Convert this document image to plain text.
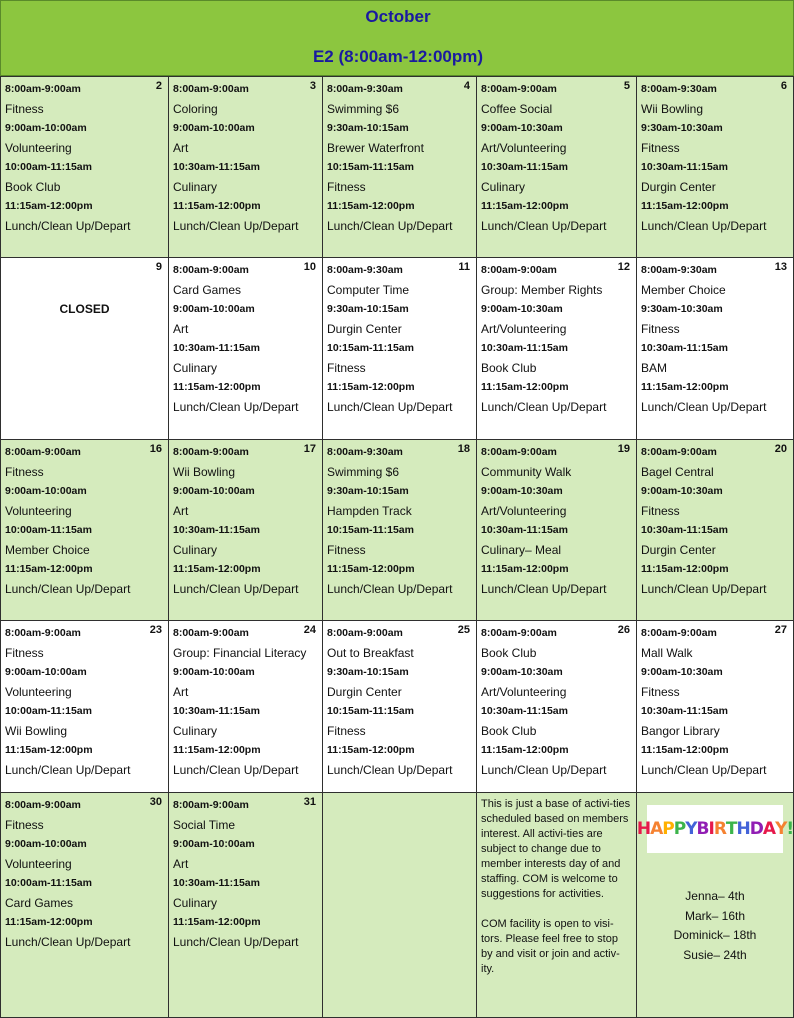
October
E2 (8:00am-12:00pm)
2
8:00am-9:00am
Fitness
9:00am-10:00am
Volunteering
10:00am-11:15am
Book Club
11:15am-12:00pm
Lunch/Clean Up/Depart
3
8:00am-9:00am
Coloring
9:00am-10:00am
Art
10:30am-11:15am
Culinary
11:15am-12:00pm
Lunch/Clean Up/Depart
4
8:00am-9:30am
Swimming $6
9:30am-10:15am
Brewer Waterfront
10:15am-11:15am
Fitness
11:15am-12:00pm
Lunch/Clean Up/Depart
5
8:00am-9:00am
Coffee Social
9:00am-10:30am
Art/Volunteering
10:30am-11:15am
Culinary
11:15am-12:00pm
Lunch/Clean Up/Depart
6
8:00am-9:30am
Wii Bowling
9:30am-10:30am
Fitness
10:30am-11:15am
Durgin Center
11:15am-12:00pm
Lunch/Clean Up/Depart
9
CLOSED
10
8:00am-9:00am
Card Games
9:00am-10:00am
Art
10:30am-11:15am
Culinary
11:15am-12:00pm
Lunch/Clean Up/Depart
11
8:00am-9:30am
Computer Time
9:30am-10:15am
Durgin Center
10:15am-11:15am
Fitness
11:15am-12:00pm
Lunch/Clean Up/Depart
12
8:00am-9:00am
Group: Member Rights
9:00am-10:30am
Art/Volunteering
10:30am-11:15am
Book Club
11:15am-12:00pm
Lunch/Clean Up/Depart
13
8:00am-9:30am
Member Choice
9:30am-10:30am
Fitness
10:30am-11:15am
BAM
11:15am-12:00pm
Lunch/Clean Up/Depart
16
8:00am-9:00am
Fitness
9:00am-10:00am
Volunteering
10:00am-11:15am
Member Choice
11:15am-12:00pm
Lunch/Clean Up/Depart
17
8:00am-9:00am
Wii Bowling
9:00am-10:00am
Art
10:30am-11:15am
Culinary
11:15am-12:00pm
Lunch/Clean Up/Depart
18
8:00am-9:30am
Swimming $6
9:30am-10:15am
Hampden Track
10:15am-11:15am
Fitness
11:15am-12:00pm
Lunch/Clean Up/Depart
19
8:00am-9:00am
Community Walk
9:00am-10:30am
Art/Volunteering
10:30am-11:15am
Culinary– Meal
11:15am-12:00pm
Lunch/Clean Up/Depart
20
8:00am-9:00am
Bagel Central
9:00am-10:30am
Fitness
10:30am-11:15am
Durgin Center
11:15am-12:00pm
Lunch/Clean Up/Depart
23
8:00am-9:00am
Fitness
9:00am-10:00am
Volunteering
10:00am-11:15am
Wii Bowling
11:15am-12:00pm
Lunch/Clean Up/Depart
24
8:00am-9:00am
Group: Financial Literacy
9:00am-10:00am
Art
10:30am-11:15am
Culinary
11:15am-12:00pm
Lunch/Clean Up/Depart
25
8:00am-9:00am
Out to Breakfast
9:30am-10:15am
Durgin Center
10:15am-11:15am
Fitness
11:15am-12:00pm
Lunch/Clean Up/Depart
26
8:00am-9:00am
Book Club
9:00am-10:30am
Art/Volunteering
10:30am-11:15am
Book Club
11:15am-12:00pm
Lunch/Clean Up/Depart
27
8:00am-9:00am
Mall Walk
9:00am-10:30am
Fitness
10:30am-11:15am
Bangor Library
11:15am-12:00pm
Lunch/Clean Up/Depart
30
8:00am-9:00am
Fitness
9:00am-10:00am
Volunteering
10:00am-11:15am
Card Games
11:15am-12:00pm
Lunch/Clean Up/Depart
31
8:00am-9:00am
Social Time
9:00am-10:00am
Art
10:30am-11:15am
Culinary
11:15am-12:00pm
Lunch/Clean Up/Depart

This is just a base of activi-ties scheduled based on members interest. All activi-ties are subject to change due to member interests day of and staffing. COM is welcome to suggestions for activities.

COM facility is open to visi-tors. Please feel free to stop by and visit or join and activ-ity.

H A P P Y B I R T H D A Y !
Jenna– 4th
Mark– 16th
Dominick– 18th
Susie– 24th
